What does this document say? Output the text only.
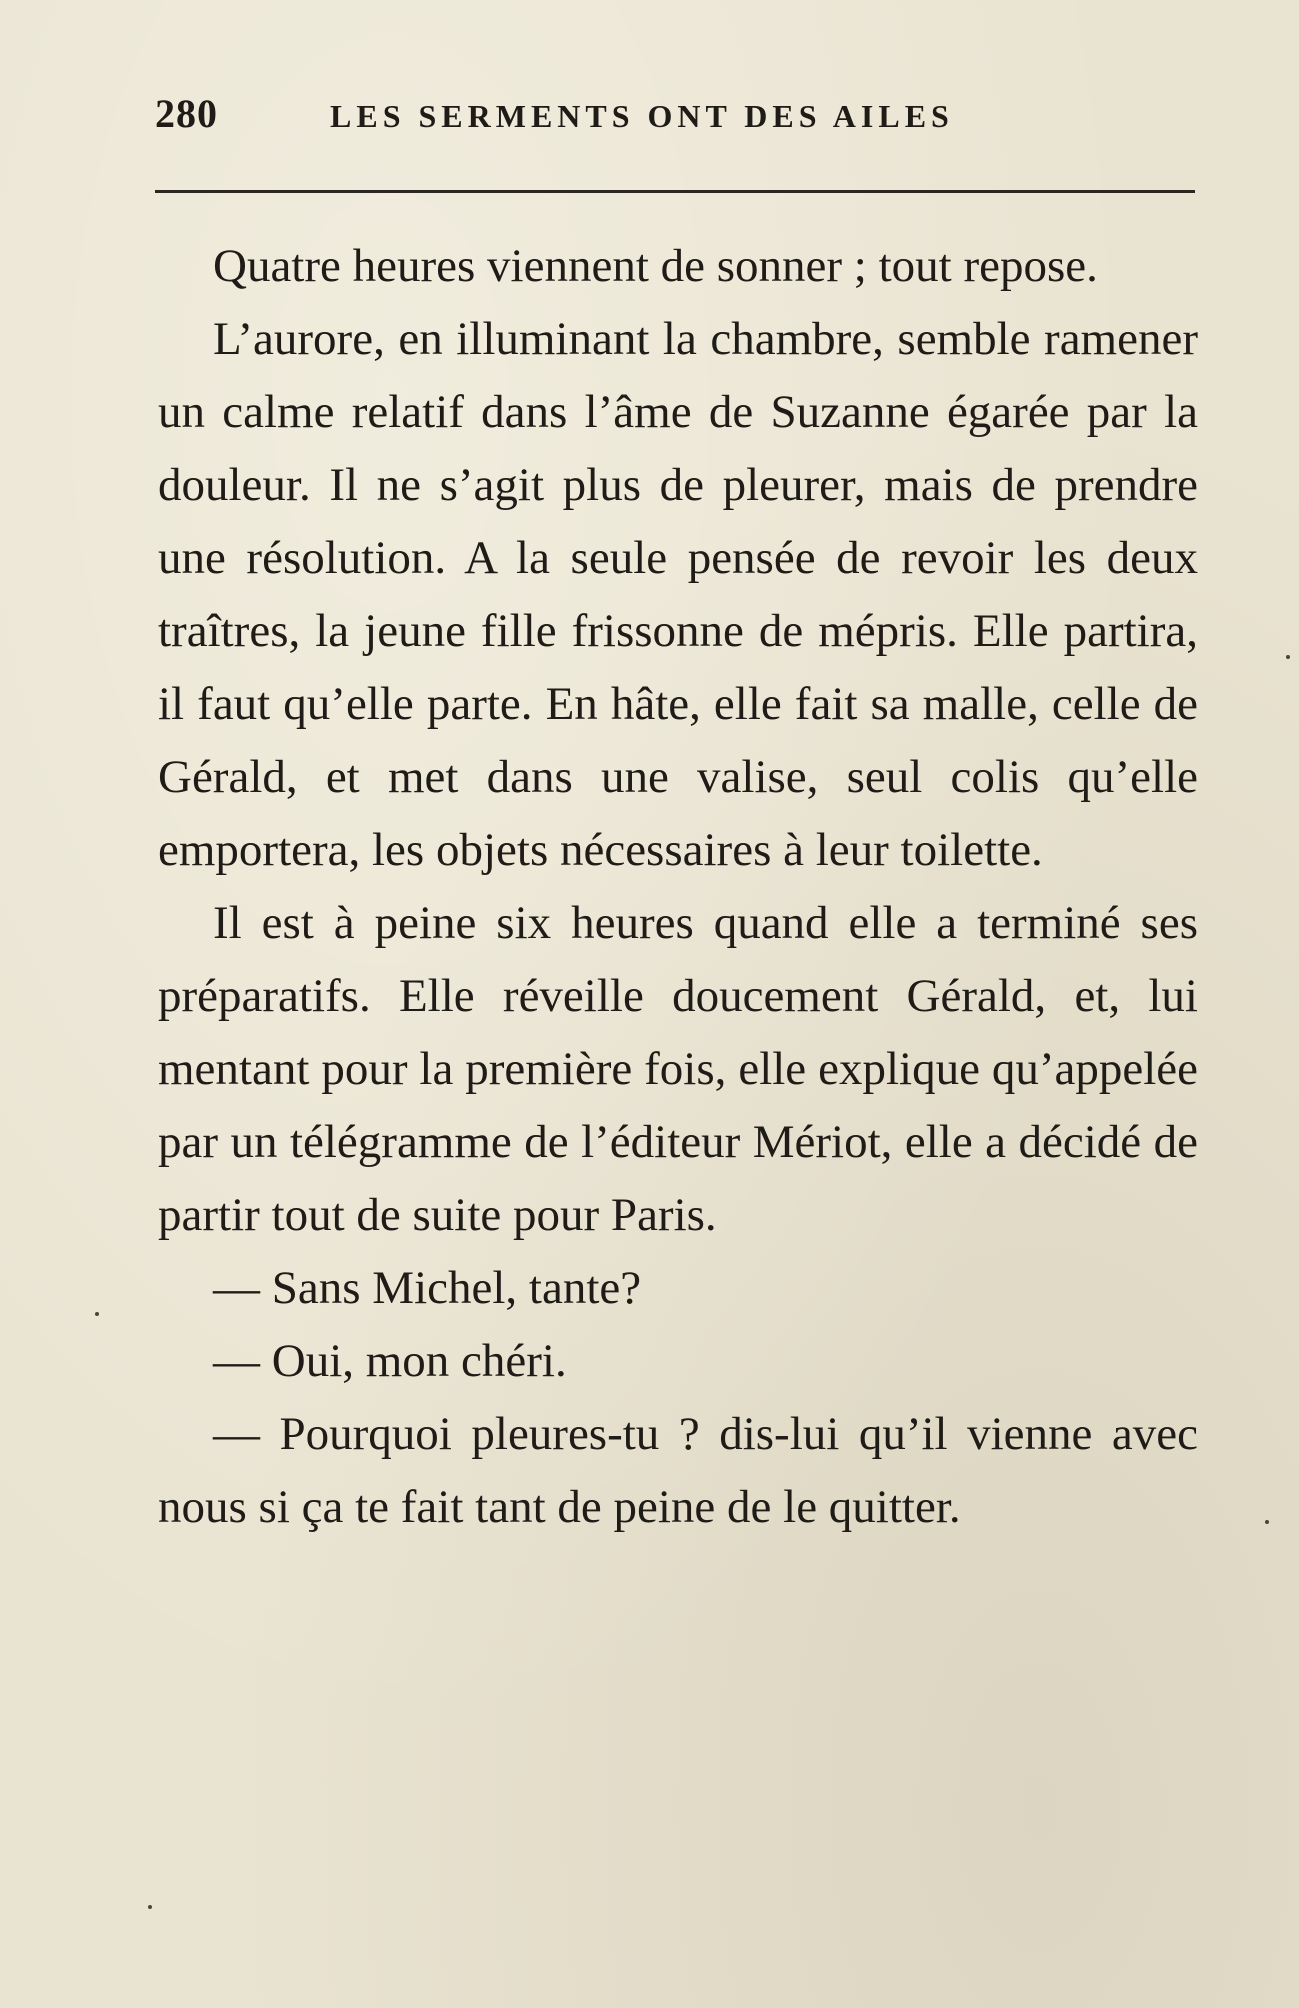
280	LES SERMENTS ONT DES AILES

Quatre heures viennent de sonner ; tout repose.

L’aurore, en illuminant la chambre, semble ramener un calme relatif dans l’âme de Suzanne égarée par la douleur. Il ne s’agit plus de pleurer, mais de prendre une résolution. A la seule pensée de revoir les deux traîtres, la jeune fille frissonne de mépris. Elle partira, il faut qu’elle parte. En hâte, elle fait sa malle, celle de Gérald, et met dans une valise, seul colis qu’elle emportera, les objets nécessaires à leur toilette.

Il est à peine six heures quand elle a terminé ses préparatifs. Elle réveille doucement Gérald, et, lui mentant pour la première fois, elle explique qu’appelée par un télégramme de l’éditeur Mériot, elle a décidé de partir tout de suite pour Paris.

— Sans Michel, tante?

— Oui, mon chéri.

— Pourquoi pleures-tu ? dis-lui qu’il vienne avec nous si ça te fait tant de peine de le quitter.
